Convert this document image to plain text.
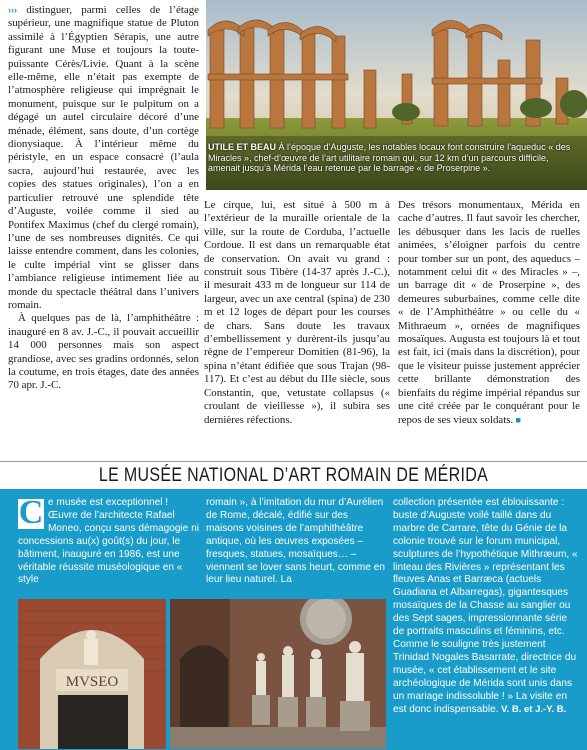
››› distinguer, parmi celles de l’étage supérieur, une magnifique statue de Pluton assimilé à l’Égyptien Sérapis, une autre figurant une Muse et toujours la toute-puissante Cérès/Livie. Quant à la scène elle-même, elle n’était pas exempte de l’atmosphère religieuse qui imprégnait le monument, puisque sur le pulpitum on a dégagé un autel circulaire décoré d’une ménade, élément, sans doute, d’un cortège dionysiaque. À l’intérieur même du péristyle, en un espace consacré (l’aula sacra, aujourd’hui restaurée, avec les copies des statues originales), l’on a en particulier retrouvé une splendide tête d’Auguste, voilée comme il sied au Pontifex Maximus (chef du clergé romain), l’une de ses nombreuses dignités. Ce qui laisse entendre comment, dans les colonies, le culte impérial vint se glisser dans l’ambiance religieuse intimement liée au monde du spectacle théâtral dans l’univers romain.

À quelques pas de là, l’amphithéâtre : inauguré en 8 av. J.-C., il pouvait accueillir 14 000 personnes mais son aspect grandiose, avec ses gradins ordonnés, selon la coutume, en trois étages, date des années 70 apr. J.-C.

UTILE ET BEAU À l’époque d’Auguste, les notables locaux font construire l’aqueduc « des Miracles », chef-d’œuvre de l’art utilitaire romain qui, sur 12 km d’un parcours difficile, amenait jusqu’à Mérida l’eau retenue par le barrage « de Proserpine ».

Le cirque, lui, est situé à 500 m à l’extérieur de la muraille orientale de la ville, sur la route de Corduba, l’actuelle Cordoue. Il est dans un remarquable état de conservation. On avait vu grand : construit sous Tibère (14-37 après J.-C.), il mesurait 433 m de longueur sur 114 de largeur, avec un axe central (spina) de 230 m et 12 loges de départ pour les courses de chars. Sans doute les travaux d’embellissement y durèrent-ils jusqu’au règne de l’empereur Domitien (81-96), la spina n’étant édifiée que sous Trajan (98-117). Et c’est au début du IIIe siècle, sous Constantin, que, vetustate collapsus (« croulant de vieillesse »), il subira ses dernières réfections.

Des trésors monumentaux, Mérida en cache d’autres. Il faut savoir les chercher, les débusquer dans les lacis de ruelles animées, s’éloigner parfois du centre pour tomber sur un pont, des aqueducs – notamment celui dit « des Miracles » –, un barrage dit « de Proserpine », des demeures suburbaines, comme celle dite « de l’Amphithéâtre » ou celle du « Mithraeum », ornées de magnifiques mosaïques. Augusta est toujours là et tout est fait, ici (mais dans la discrétion), pour que le visiteur puisse justement apprécier cette brillante démonstration des bienfaits du régime impérial répandus sur une cité créée par le conquérant pour le repos de ses vieux soldats. ■

LE MUSÉE NATIONAL D’ART ROMAIN DE MÉRIDA
C e musée est exceptionnel ! Œuvre de l’architecte Rafael Moneo, conçu sans démagogie ni concessions au(x) goût(s) du jour, le bâtiment, inauguré en 1986, est une véritable réussite muséologique en « style
romain », à l’imitation du mur d’Aurélien de Rome, décalé, édifié sur des maisons voisines de l’amphithéâtre antique, où les œuvres exposées – fresques, statues, mosaïques… – viennent se lover sans heurt, comme en leur lieu naturel. La
collection présentée est éblouissante : buste d’Auguste voilé taillé dans du marbre de Carrare, tête du Génie de la colonie trouvé sur le forum municipal, sculptures de l’hypothétique Mithræum, « linteau des Rivières » représentant les fleuves Anas et Barræca (actuels Guadiana et Albarregas), gigantesques mosaïques de la Chasse au sanglier ou des Sept sages, impressionnante série de portraits masculins et féminins, etc. Comme le souligne très justement Trinidad Nogales Basarrate, directrice du musée, « cet établissement et le site archéologique de Mérida sont unis dans un mariage indissoluble ! » La visite en est donc indispensable. V. B. et J.-Y. B.
MVSEO
